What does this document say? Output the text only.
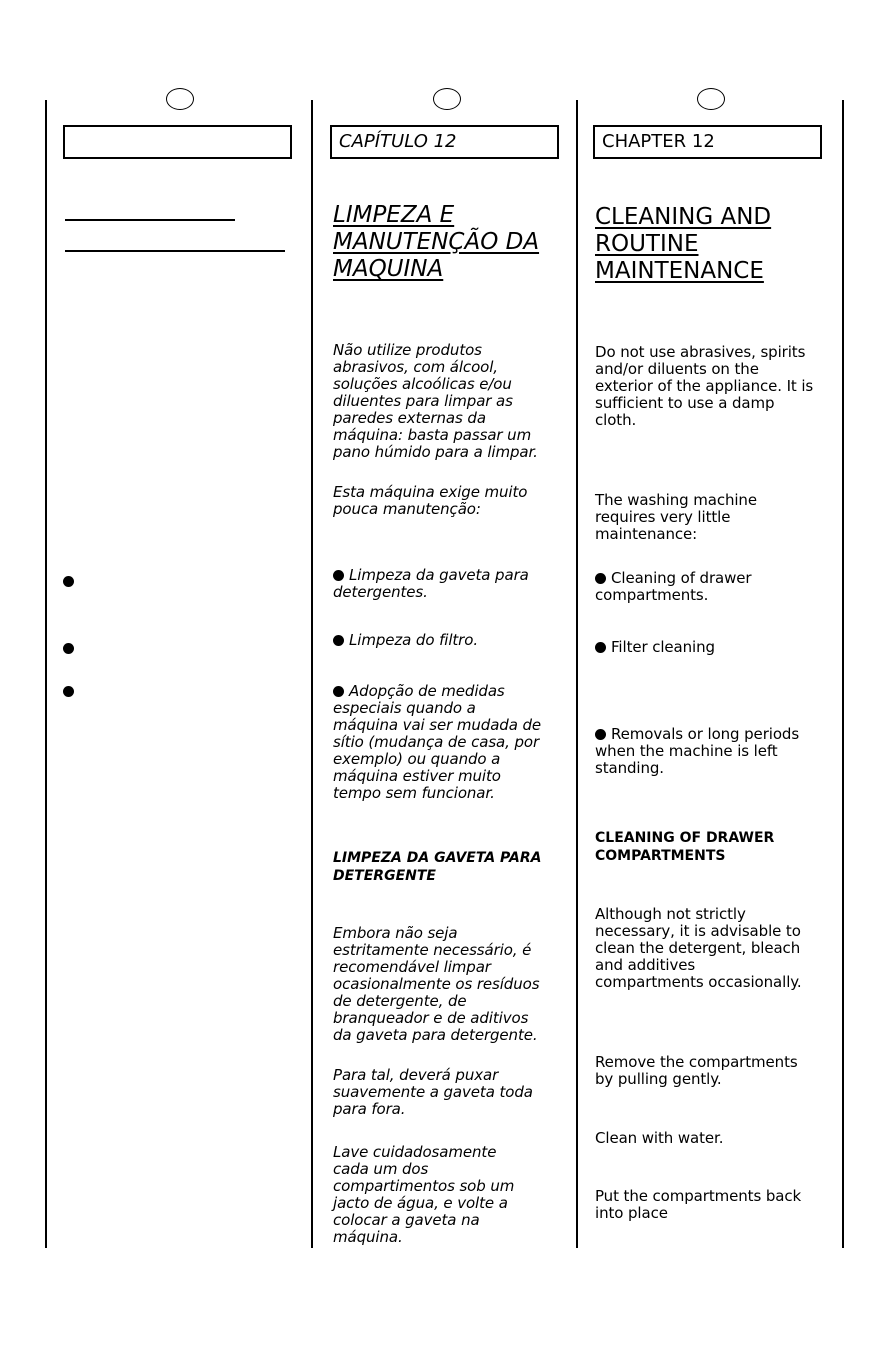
CAPÍTULO 12	CHAPTER 12
LIMPEZA E
MANUTENÇÃO DA
MAQUINA
Não utilize produtos
abrasivos, com álcool,
soluções alcoólicas e/ou
diluentes para limpar as
paredes externas da
máquina: basta passar um
pano húmido para a limpar.
Esta máquina exige muito
pouca manutenção:
Limpeza da gaveta para
detergentes.
Limpeza do filtro.
Adopção de medidas
especiais quando a
máquina vai ser mudada de
sítio (mudança de casa, por
exemplo) ou quando a
máquina estiver muito
tempo sem funcionar.
LIMPEZA DA GAVETA PARA
DETERGENTE
Embora não seja
estritamente necessário, é
recomendável limpar
ocasionalmente os resíduos
de detergente, de
branqueador e de aditivos
da gaveta para detergente.
Para tal, deverá puxar
suavemente a gaveta toda
para fora.
Lave cuidadosamente
cada um dos
compartimentos sob um
jacto de água, e volte a
colocar a gaveta na
máquina.
CLEANING AND
ROUTINE
MAINTENANCE
Do not use abrasives, spirits
and/or diluents on the
exterior of the appliance. It is
sufficient to use a damp
cloth.
The washing machine
requires very little
maintenance:
Cleaning of drawer
compartments.
Filter cleaning
Removals or long periods
when the machine is left
standing.
CLEANING OF DRAWER
COMPARTMENTS
Although not strictly
necessary, it is advisable to
clean the detergent, bleach
and additives
compartments occasionally.
Remove the compartments
by pulling gently.
Clean with water.
Put the compartments back
into place
